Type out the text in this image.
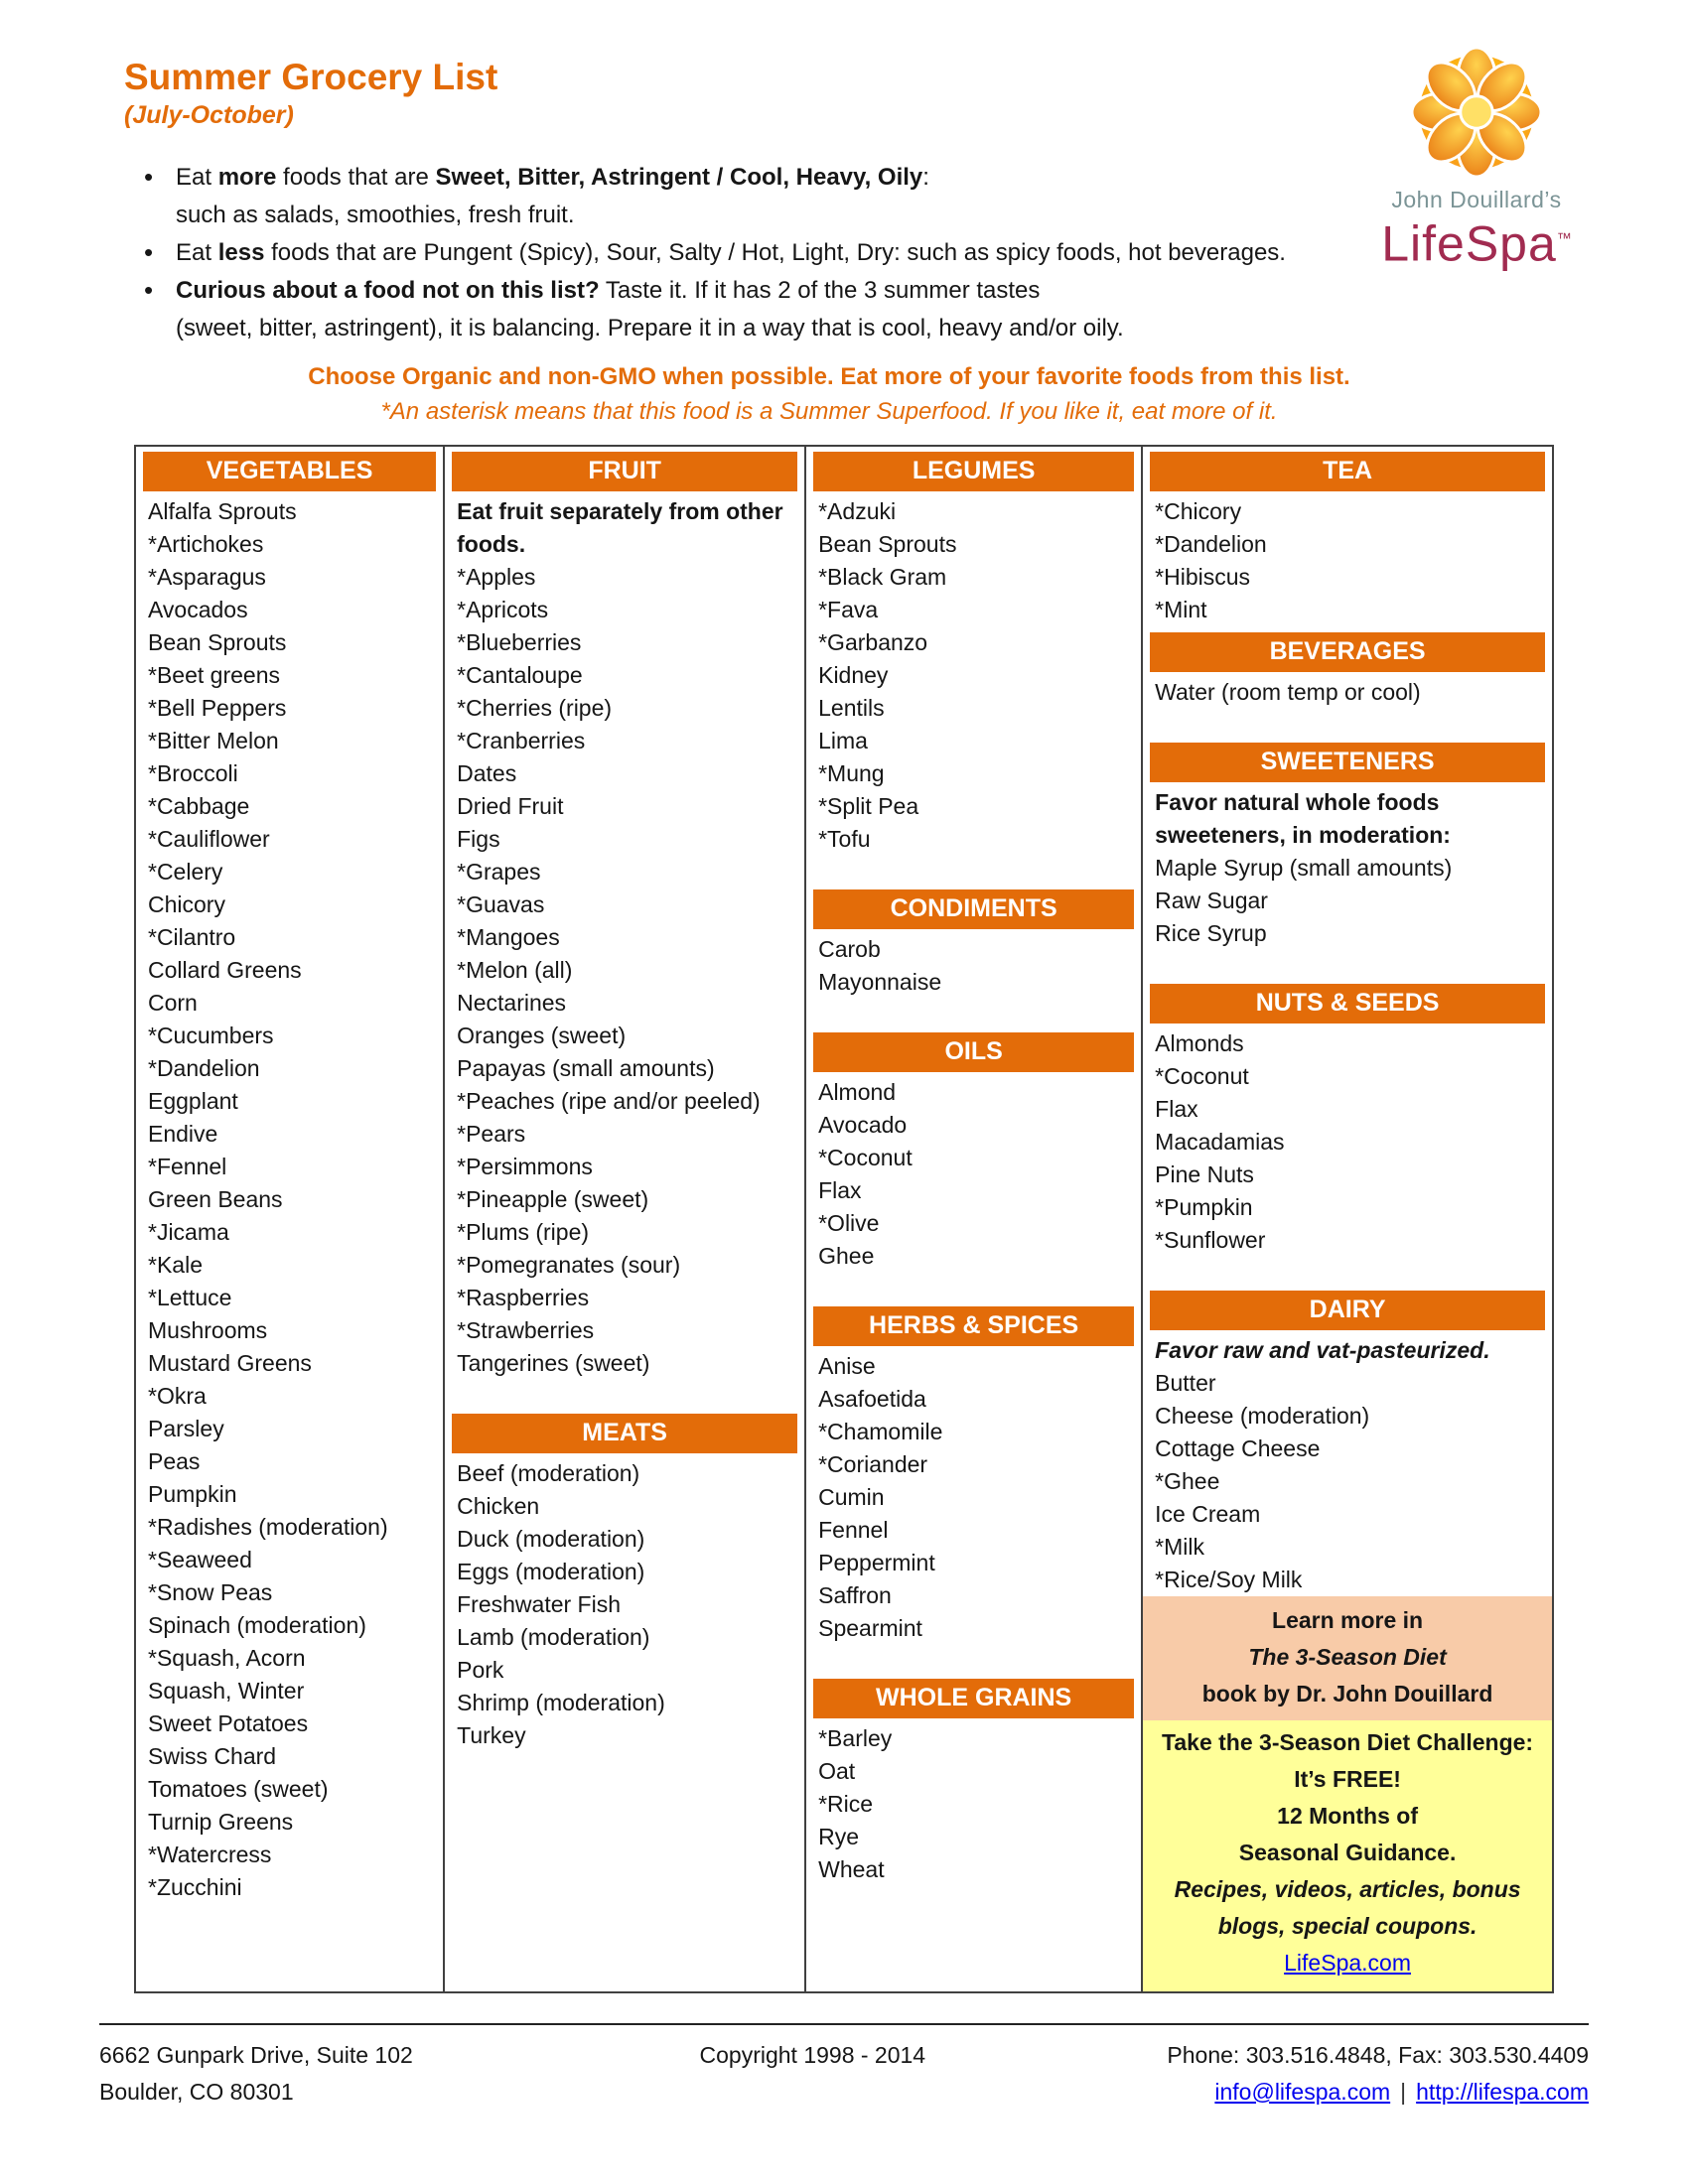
John Douillard’s
LifeSpa™
Summer Grocery List
(July-October)
• Eat more foods that are Sweet, Bitter, Astringent / Cool, Heavy, Oily:
such as salads, smoothies, fresh fruit.
• Eat less foods that are Pungent (Spicy), Sour, Salty / Hot, Light, Dry: such as spicy foods, hot beverages.
• Curious about a food not on this list? Taste it. If it has 2 of the 3 summer tastes
(sweet, bitter, astringent), it is balancing. Prepare it in a way that is cool, heavy and/or oily.
Choose Organic and non-GMO when possible. Eat more of your favorite foods from this list.
*An asterisk means that this food is a Summer Superfood. If you like it, eat more of it.
VEGETABLES
Alfalfa Sprouts
*Artichokes
*Asparagus
Avocados
Bean Sprouts
*Beet greens
*Bell Peppers
*Bitter Melon
*Broccoli
*Cabbage
*Cauliflower
*Celery
Chicory
*Cilantro
Collard Greens
Corn
*Cucumbers
*Dandelion
Eggplant
Endive
*Fennel
Green Beans
*Jicama
*Kale
*Lettuce
Mushrooms
Mustard Greens
*Okra
Parsley
Peas
Pumpkin
*Radishes (moderation)
*Seaweed
*Snow Peas
Spinach (moderation)
*Squash, Acorn
Squash, Winter
Sweet Potatoes
Swiss Chard
Tomatoes (sweet)
Turnip Greens
*Watercress
*Zucchini
FRUIT
Eat fruit separately from other foods.
*Apples
*Apricots
*Blueberries
*Cantaloupe
*Cherries (ripe)
*Cranberries
Dates
Dried Fruit
Figs
*Grapes
*Guavas
*Mangoes
*Melon (all)
Nectarines
Oranges (sweet)
Papayas (small amounts)
*Peaches (ripe and/or peeled)
*Pears
*Persimmons
*Pineapple (sweet)
*Plums (ripe)
*Pomegranates (sour)
*Raspberries
*Strawberries
Tangerines (sweet)
MEATS
Beef (moderation)
Chicken
Duck (moderation)
Eggs (moderation)
Freshwater Fish
Lamb (moderation)
Pork
Shrimp (moderation)
Turkey
LEGUMES
*Adzuki
Bean Sprouts
*Black Gram
*Fava
*Garbanzo
Kidney
Lentils
Lima
*Mung
*Split Pea
*Tofu
CONDIMENTS
Carob
Mayonnaise
OILS
Almond
Avocado
*Coconut
Flax
*Olive
Ghee
HERBS & SPICES
Anise
Asafoetida
*Chamomile
*Coriander
Cumin
Fennel
Peppermint
Saffron
Spearmint
WHOLE GRAINS
*Barley
Oat
*Rice
Rye
Wheat
TEA
*Chicory
*Dandelion
*Hibiscus
*Mint
BEVERAGES
Water (room temp or cool)
SWEETENERS
Favor natural whole foods sweeteners, in moderation:
Maple Syrup (small amounts)
Raw Sugar
Rice Syrup
NUTS & SEEDS
Almonds
*Coconut
Flax
Macadamias
Pine Nuts
*Pumpkin
*Sunflower
DAIRY
Favor raw and vat-pasteurized.
Butter
Cheese (moderation)
Cottage Cheese
*Ghee
Ice Cream
*Milk
*Rice/Soy Milk
Learn more in
The 3-Season Diet
book by Dr. John Douillard
Take the 3-Season Diet Challenge:
It’s FREE!
12 Months of
Seasonal Guidance.
Recipes, videos, articles, bonus blogs, special coupons.
LifeSpa.com
6662 Gunpark Drive, Suite 102
Boulder, CO 80301
Copyright 1998 - 2014	Phone: 303.516.4848, Fax: 303.530.4409
info@lifespa.com | http://lifespa.com
